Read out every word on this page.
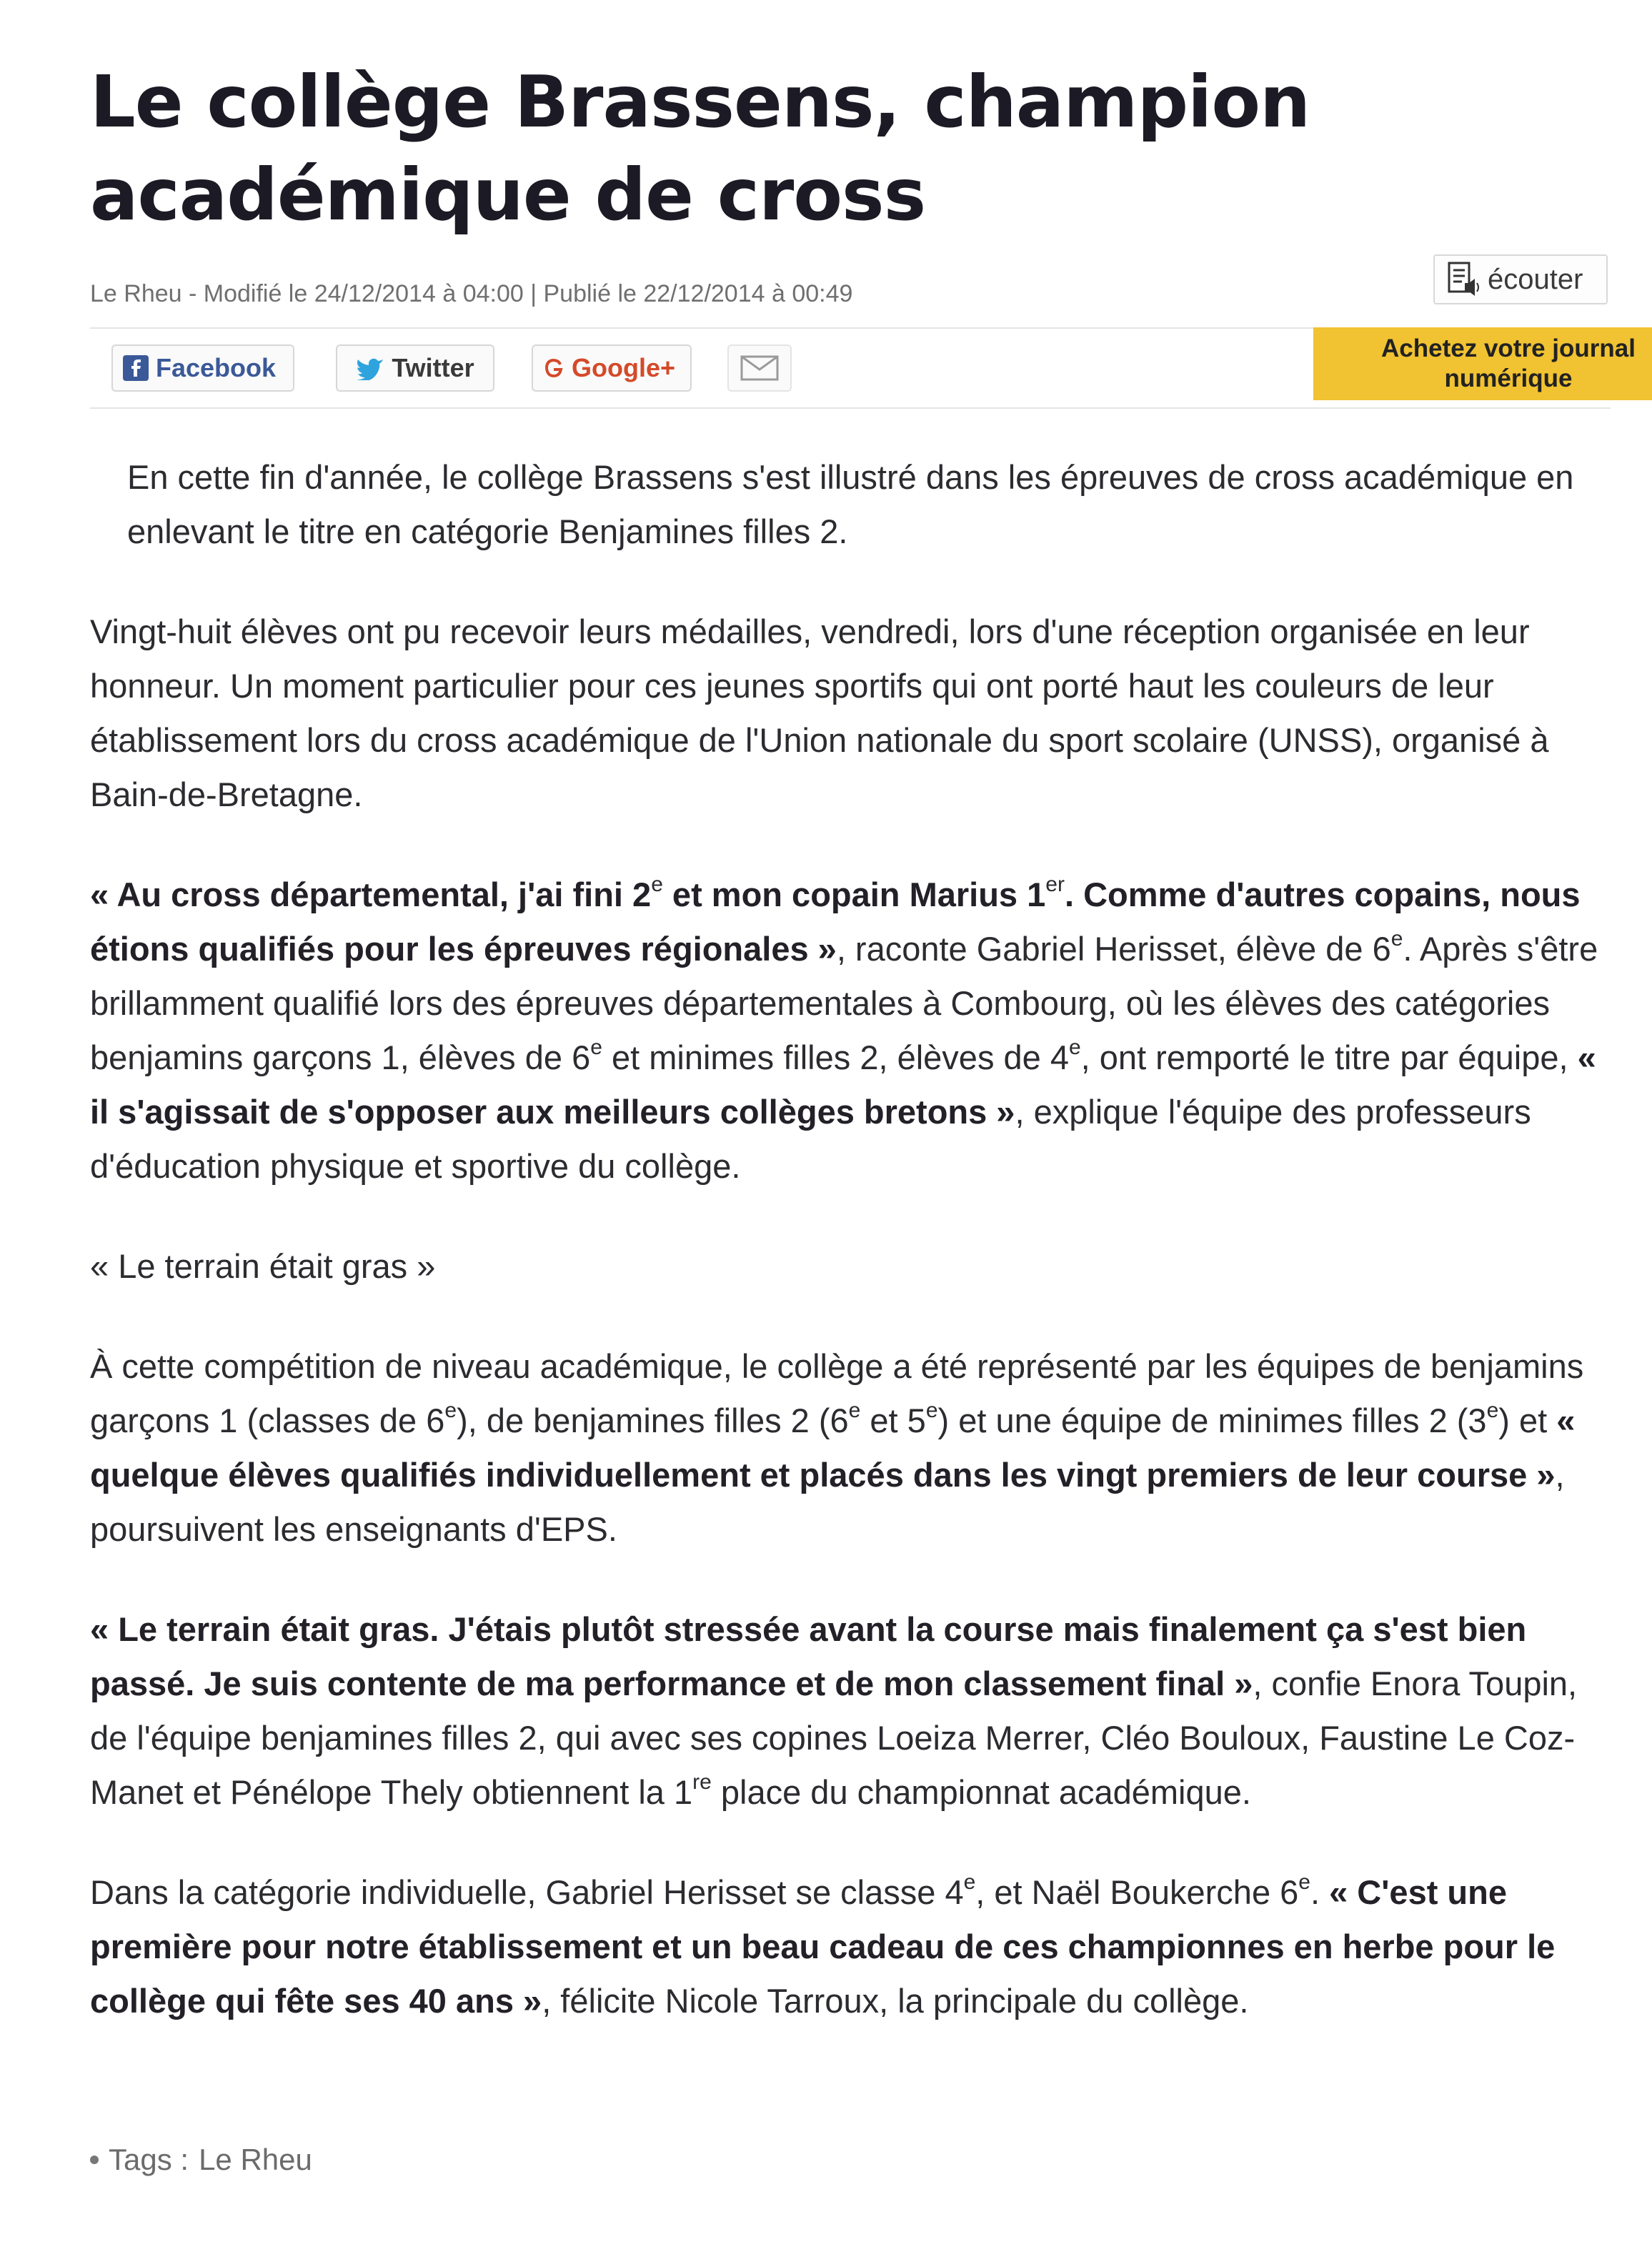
Le collège Brassens, champion académique de cross
Le Rheu - Modifié le 24/12/2014 à 04:00 | Publié le 22/12/2014 à 00:49	écouter
Facebook	Twitter	Google+
Achetez votre journal
numérique

En cette fin d'année, le collège Brassens s'est illustré dans les épreuves de cross académique en enlevant le titre en catégorie Benjamines filles 2.

Vingt-huit élèves ont pu recevoir leurs médailles, vendredi, lors d'une réception organisée en leur honneur. Un moment particulier pour ces jeunes sportifs qui ont porté haut les couleurs de leur établissement lors du cross académique de l'Union nationale du sport scolaire (UNSS), organisé à Bain-de-Bretagne.

« Au cross départemental, j'ai fini 2e et mon copain Marius 1er. Comme d'autres copains, nous étions qualifiés pour les épreuves régionales », raconte Gabriel Herisset, élève de 6e. Après s'être brillamment qualifié lors des épreuves départementales à Combourg, où les élèves des catégories benjamins garçons 1, élèves de 6e et minimes filles 2, élèves de 4e, ont remporté le titre par équipe, « il s'agissait de s'opposer aux meilleurs collèges bretons », explique l'équipe des professeurs d'éducation physique et sportive du collège.

« Le terrain était gras »

À cette compétition de niveau académique, le collège a été représenté par les équipes de benjamins garçons 1 (classes de 6e), de benjamines filles 2 (6e et 5e) et une équipe de minimes filles 2 (3e) et « quelque élèves qualifiés individuellement et placés dans les vingt premiers de leur course », poursuivent les enseignants d'EPS.

« Le terrain était gras. J'étais plutôt stressée avant la course mais finalement ça s'est bien passé. Je suis contente de ma performance et de mon classement final », confie Enora Toupin, de l'équipe benjamines filles 2, qui avec ses copines Loeiza Merrer, Cléo Bouloux, Faustine Le Coz-Manet et Pénélope Thely obtiennent la 1re place du championnat académique.

Dans la catégorie individuelle, Gabriel Herisset se classe 4e, et Naël Boukerche 6e. « C'est une première pour notre établissement et un beau cadeau de ces championnes en herbe pour le collège qui fête ses 40 ans », félicite Nicole Tarroux, la principale du collège.

Tags : Le Rheu
